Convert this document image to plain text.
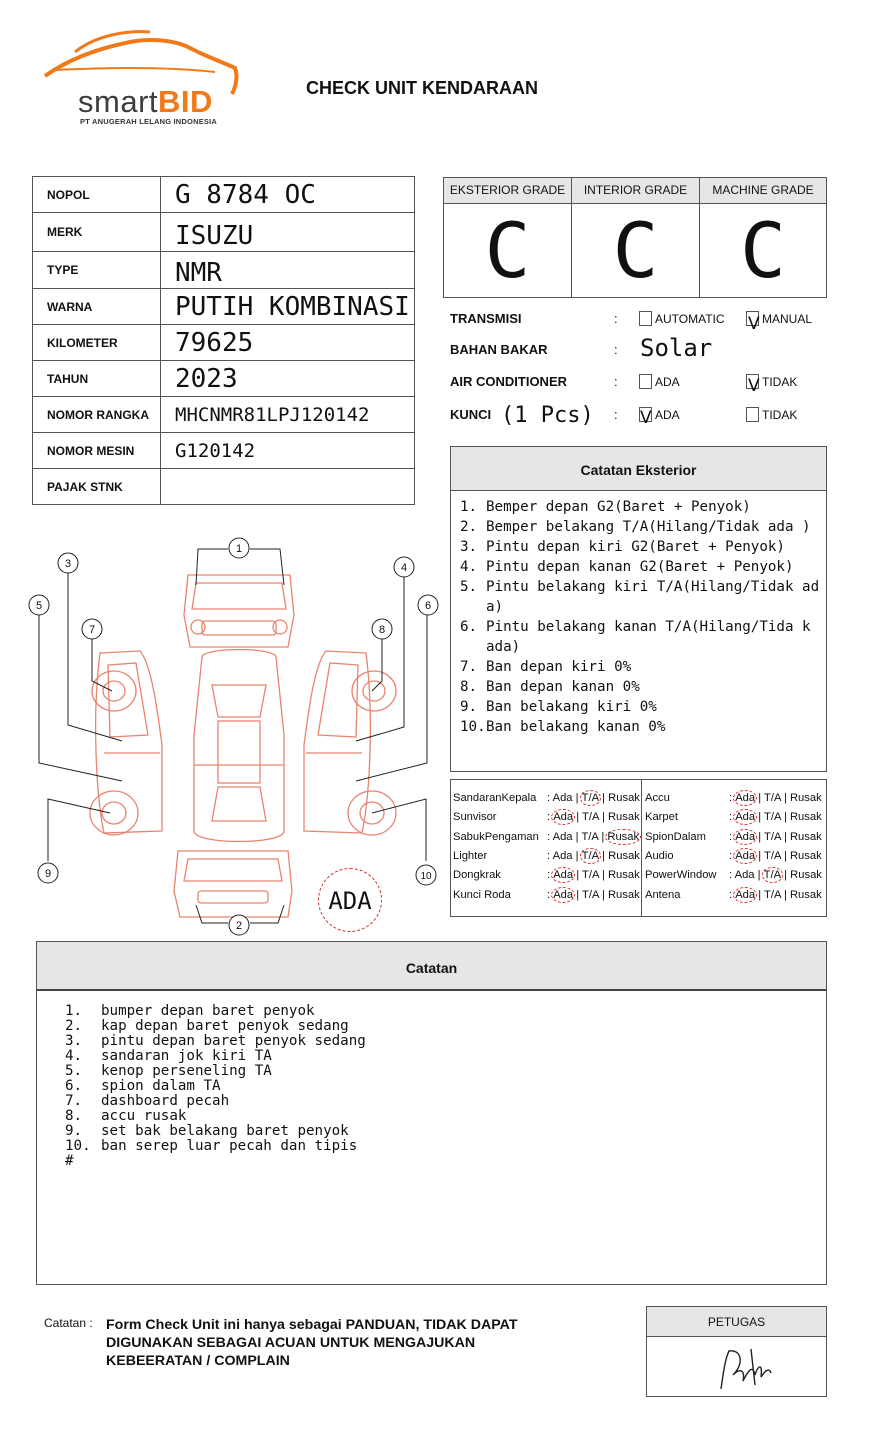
smartBID
PT ANUGERAH LELANG INDONESIA
CHECK UNIT KENDARAAN
NOPOL	G 8784 OC
MERK	ISUZU
TYPE	NMR
WARNA	PUTIH KOMBINASI
KILOMETER	79625
TAHUN	2023
NOMOR RANGKA	MHCNMR81LPJ120142
NOMOR MESIN	G120142
PAJAK STNK	
EKSTERIOR GRADE
C
INTERIOR GRADE
C
MACHINE GRADE
C
TRANSMISI	:	AUTOMATIC V MANUAL
BAHAN BAKAR	: Solar
AIR CONDITIONER	:	ADA	V TIDAK
KUNCI (1 Pcs) : V ADA	TIDAK
Catatan Eksterior
1. Bemper depan G2(Baret + Penyok)
2. Bemper belakang T/A(Hilang/Tidak ada )
3. Pintu depan kiri G2(Baret + Penyok)
4. Pintu depan kanan G2(Baret + Penyok)
5. Pintu belakang kiri T/A(Hilang/Tidak ada)
6. Pintu belakang kanan T/A(Hilang/Tida k ada)
7. Ban depan kiri 0%
8. Ban depan kanan 0%
9. Ban belakang kiri 0%
10. Ban belakang kanan 0%
SandaranKepala : Ada | T/A | Rusak
Sunvisor	: Ada | T/A | Rusak
SabukPengaman : Ada | T/A | Rusak
Lighter	: Ada | T/A | Rusak
Dongkrak	: Ada | T/A | Rusak
Kunci Roda	: Ada | T/A | Rusak
Accu	: Ada | T/A | Rusak
Karpet	: Ada | T/A | Rusak
SpionDalam : Ada | T/A | Rusak
Audio	: Ada | T/A | Rusak
PowerWindow : Ada | T/A | Rusak
Antena	: Ada | T/A | Rusak
1
2
3	4
5	6
7	8
9	10
ADA
Catatan
1.	bumper depan baret penyok
2.	kap depan baret penyok sedang
3.	pintu depan baret penyok sedang
4.	sandaran jok kiri TA
5.	kenop perseneling TA
6.	spion dalam TA
7.	dashboard pecah
8.	accu rusak
9.	set bak belakang baret penyok
10. ban serep luar pecah dan tipis
#
Catatan : Form Check Unit ini hanya sebagai PANDUAN, TIDAK DAPAT DIGUNAKAN SEBAGAI ACUAN UNTUK MENGAJUKAN KEBEERATAN / COMPLAIN
PETUGAS
